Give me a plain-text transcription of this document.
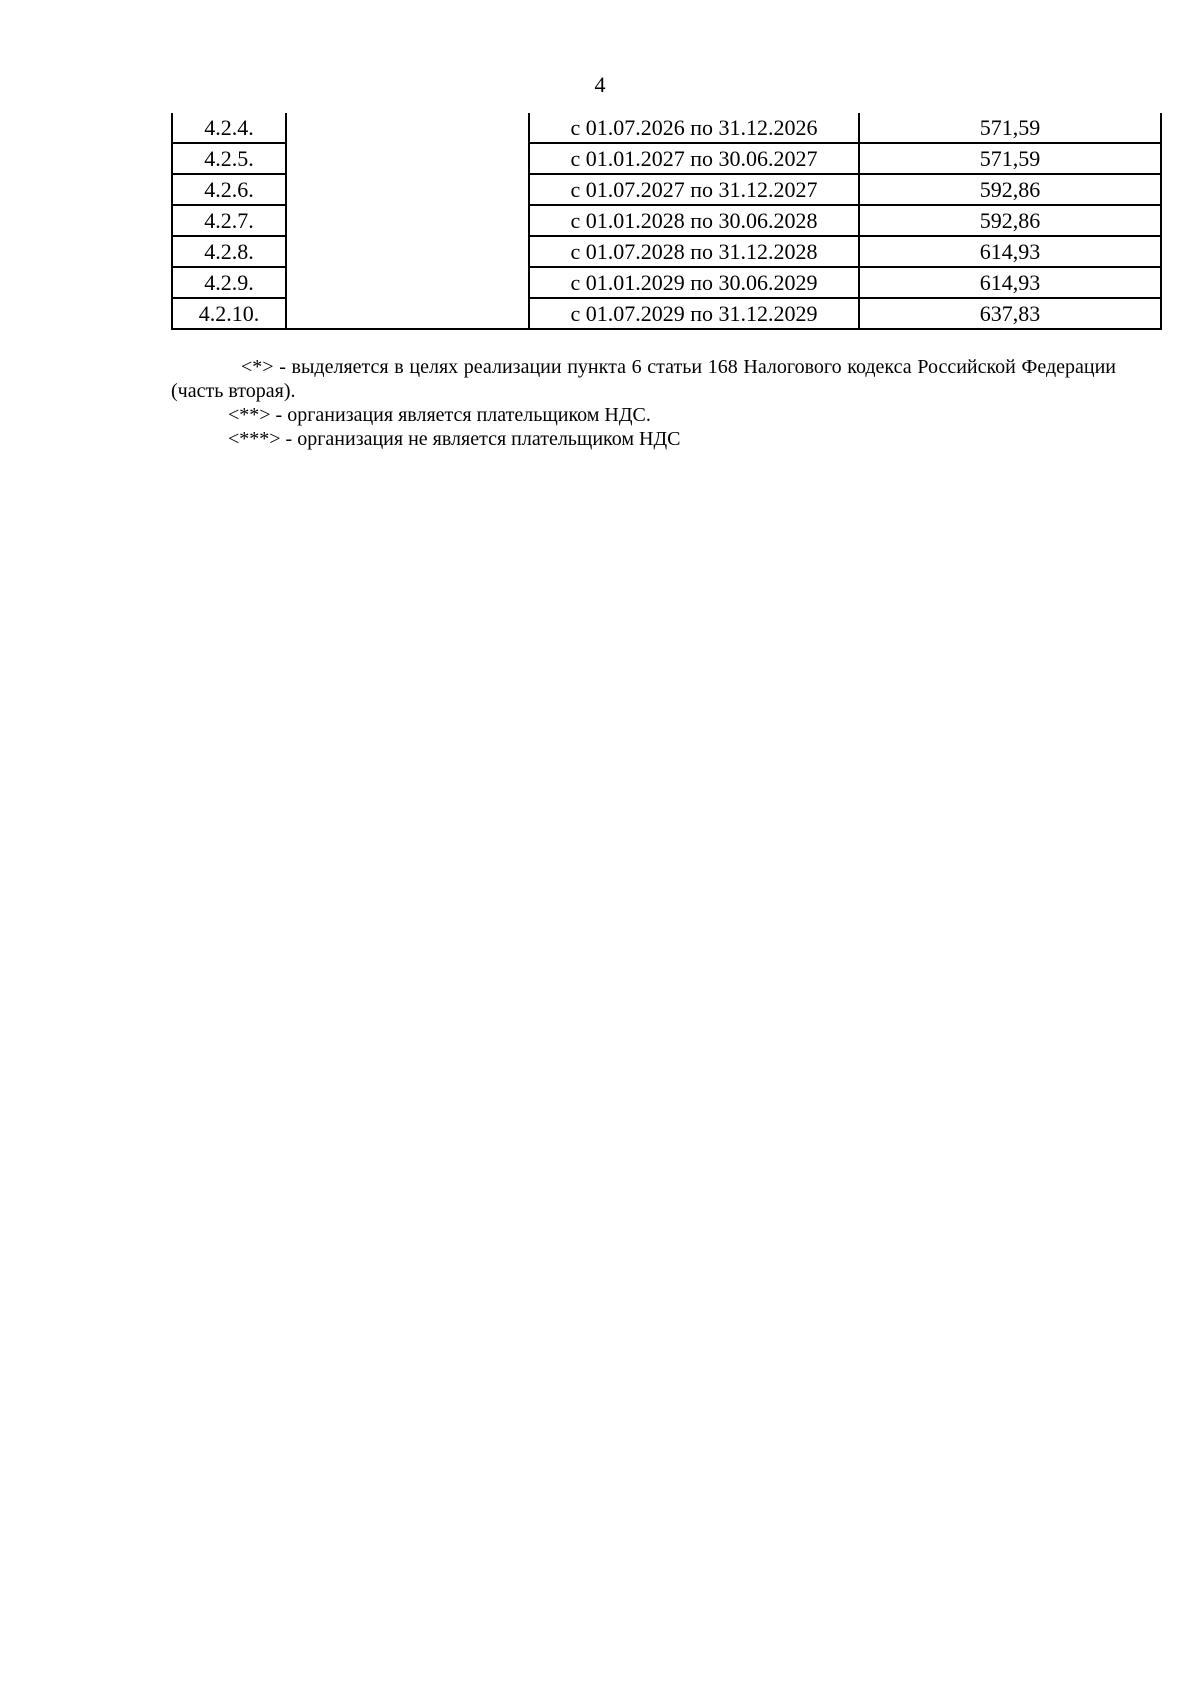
4
4.2.4.		с 01.07.2026 по 31.12.2026	571,59
4.2.5.		с 01.01.2027 по 30.06.2027	571,59
4.2.6.		с 01.07.2027 по 31.12.2027	592,86
4.2.7.		с 01.01.2028 по 30.06.2028	592,86
4.2.8.		с 01.07.2028 по 31.12.2028	614,93
4.2.9.		с 01.01.2029 по 30.06.2029	614,93
4.2.10.		с 01.07.2029 по 31.12.2029	637,83

<*> - выделяется в целях реализации пункта 6 статьи 168 Налогового кодекса Российской Федерации (часть вторая).

<**> - организация является плательщиком НДС.

<***> - организация не является плательщиком НДС
